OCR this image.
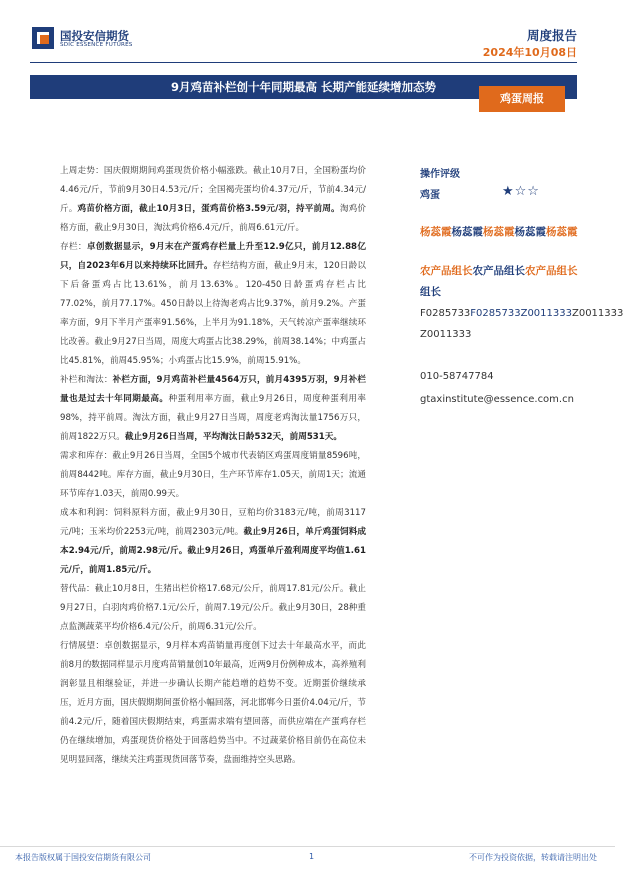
国投安信期货
SDIC ESSENCE FUTURES
周度报告
2024年10月08日
9月鸡苗补栏创十年同期最高 长期产能延续增加态势
鸡蛋周报

上周走势：国庆假期期间鸡蛋现货价格小幅涨跌。截止10月7日，全国粉蛋均价4.46元/斤，节前9月30日4.53元/斤；全国褐壳蛋均价4.37元/斤，节前4.34元/斤。鸡苗价格方面，截止10月3日，蛋鸡苗价格3.59元/羽，持平前周。淘鸡价格方面，截止9月30日，淘汰鸡价格6.4元/斤，前周6.61元/斤。

存栏：卓创数据显示，9月末在产蛋鸡存栏量上升至12.9亿只，前月12.88亿只，自2023年6月以来持续环比回升。存栏结构方面，截止9月末，120日龄以下后备蛋鸡占比13.61%，前月13.63%。120-450日龄蛋鸡存栏占比77.02%，前月77.17%。450日龄以上待淘老鸡占比9.37%，前月9.2%。产蛋率方面，9月下半月产蛋率91.56%，上半月为91.18%，天气转凉产蛋率继续环比改善。截止9月27日当周，周度大鸡蛋占比38.29%，前周38.14%；中鸡蛋占比45.81%，前周45.95%；小鸡蛋占比15.9%，前周15.91%。

补栏和淘汰：补栏方面，9月鸡苗补栏量4564万只，前月4395万羽，9月补栏量也是过去十年同期最高。种蛋利用率方面，截止9月26日，周度种蛋利用率98%，持平前周。淘汰方面，截止9月27日当周，周度老鸡淘汰量1756万只，前周1822万只。截止9月26日当周，平均淘汰日龄532天，前周531天。

需求和库存：截止9月26日当周，全国5个城市代表销区鸡蛋周度销量8596吨，前周8442吨。库存方面，截止9月30日，生产环节库存1.05天，前周1天；流通环节库存1.03天，前周0.99天。

成本和利润：饲料原料方面，截止9月30日，豆粕均价3183元/吨，前周3117元/吨；玉米均价2253元/吨，前周2303元/吨。截止9月26日，单斤鸡蛋饲料成本2.94元/斤，前周2.98元/斤。截止9月26日，鸡蛋单斤盈利周度平均值1.61元/斤，前周1.85元/斤。

替代品：截止10月8日，生猪出栏价格17.68元/公斤，前周17.81元/公斤。截止9月27日，白羽肉鸡价格7.1元/公斤，前周7.19元/公斤。截止9月30日，28种重点监测蔬菜平均价格6.4元/公斤，前周6.31元/公斤。

行情展望：卓创数据显示，9月样本鸡苗销量再度创下过去十年最高水平，而此前8月的数据同样显示月度鸡苗销量创10年最高，近两9月份例种成本，高养殖利润彰显且相继验证，并进一步确认长期产能趋增的趋势不变。近期蛋价继续承压，近月方面，国庆假期期间蛋价格小幅回落，河北邯郸今日蛋价4.04元/斤，节前4.2元/斤，随着国庆假期结束，鸡蛋需求端有望回落，而供应端在产蛋鸡存栏仍在继续增加，鸡蛋现货价格处于回落趋势当中。不过蔬菜价格目前仍在高位未见明显回落，继续关注鸡蛋现货回落节奏，盘面维持空头思路。

操作评级
鸡蛋	★☆☆
杨蕊霞杨蕊霞杨蕊霞杨蕊霞杨蕊霞
农产品组长农产品组长农产品组长
组长
F0285733F0285733Z0011333Z0011333
Z0011333
010-58747784
gtaxinstitute@essence.com.cn
本报告版权属于国投安信期货有限公司	1	不可作为投资依据，转载请注明出处
